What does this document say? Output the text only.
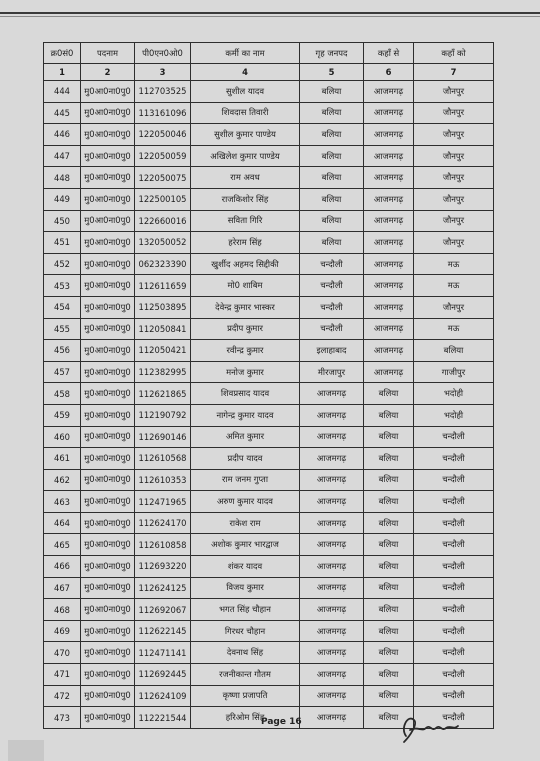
क्र0सं0	पदनाम	पी0एन0ओ0	कर्मी का नाम	गृह जनपद	कहाँ से	कहाँ को
1	2	3	4	5	6	7
444	मु0आ0ना0पु0	112703525	सुशील यादव	बलिया	आजमगढ़	जौनपुर
445	मु0आ0ना0पु0	113161096	शिवदास तिवारी	बलिया	आजमगढ़	जौनपुर
446	मु0आ0ना0पु0	122050046	सुशील कुमार पाण्डेय	बलिया	आजमगढ़	जौनपुर
447	मु0आ0ना0पु0	122050059	अखिलेश कुमार पाण्डेय	बलिया	आजमगढ़	जौनपुर
448	मु0आ0ना0पु0	122050075	राम अवध	बलिया	आजमगढ़	जौनपुर
449	मु0आ0ना0पु0	122500105	राजकिशोर सिंह	बलिया	आजमगढ़	जौनपुर
450	मु0आ0ना0पु0	122660016	सविता गिरि	बलिया	आजमगढ़	जौनपुर
451	मु0आ0ना0पु0	132050052	हरेराम सिंह	बलिया	आजमगढ़	जौनपुर
452	मु0आ0ना0पु0	062323390	खुर्शीद अहमद सिद्दीकी	चन्दौली	आजमगढ़	मऊ
453	मु0आ0ना0पु0	112611659	मो0 शाबिम	चन्दौली	आजमगढ़	मऊ
454	मु0आ0ना0पु0	112503895	देवेन्द्र कुमार भास्कर	चन्दौली	आजमगढ़	जौनपुर
455	मु0आ0ना0पु0	112050841	प्रदीप कुमार	चन्दौली	आजमगढ़	मऊ
456	मु0आ0ना0पु0	112050421	रवीन्द्र कुमार	इलाहाबाद	आजमगढ़	बलिया
457	मु0आ0ना0पु0	112382995	मनोज कुमार	मीरजापुर	आजमगढ़	गाजीपुर
458	मु0आ0ना0पु0	112621865	शिवप्रसाद यादव	आजमगढ़	बलिया	भदोही
459	मु0आ0ना0पु0	112190792	नागेन्द्र कुमार यादव	आजमगढ़	बलिया	भदोही
460	मु0आ0ना0पु0	112690146	अमित कुमार	आजमगढ़	बलिया	चन्दौली
461	मु0आ0ना0पु0	112610568	प्रदीप यादव	आजमगढ़	बलिया	चन्दौली
462	मु0आ0ना0पु0	112610353	राम जनम गुप्ता	आजमगढ़	बलिया	चन्दौली
463	मु0आ0ना0पु0	112471965	अरुण कुमार यादव	आजमगढ़	बलिया	चन्दौली
464	मु0आ0ना0पु0	112624170	राकेश राम	आजमगढ़	बलिया	चन्दौली
465	मु0आ0ना0पु0	112610858	अशोक कुमार भारद्वाज	आजमगढ़	बलिया	चन्दौली
466	मु0आ0ना0पु0	112693220	शंकर यादव	आजमगढ़	बलिया	चन्दौली
467	मु0आ0ना0पु0	112624125	विजय कुमार	आजमगढ़	बलिया	चन्दौली
468	मु0आ0ना0पु0	112692067	भगत सिंह चौहान	आजमगढ़	बलिया	चन्दौली
469	मु0आ0ना0पु0	112622145	गिरधर चौहान	आजमगढ़	बलिया	चन्दौली
470	मु0आ0ना0पु0	112471141	देवनाथ सिंह	आजमगढ़	बलिया	चन्दौली
471	मु0आ0ना0पु0	112692445	रजनीकान्त गौतम	आजमगढ़	बलिया	चन्दौली
472	मु0आ0ना0पु0	112624109	कृष्णा प्रजापति	आजमगढ़	बलिया	चन्दौली
473	मु0आ0ना0पु0	112221544	हरिओम सिंह	आजमगढ़	बलिया	चन्दौली
Page 16
